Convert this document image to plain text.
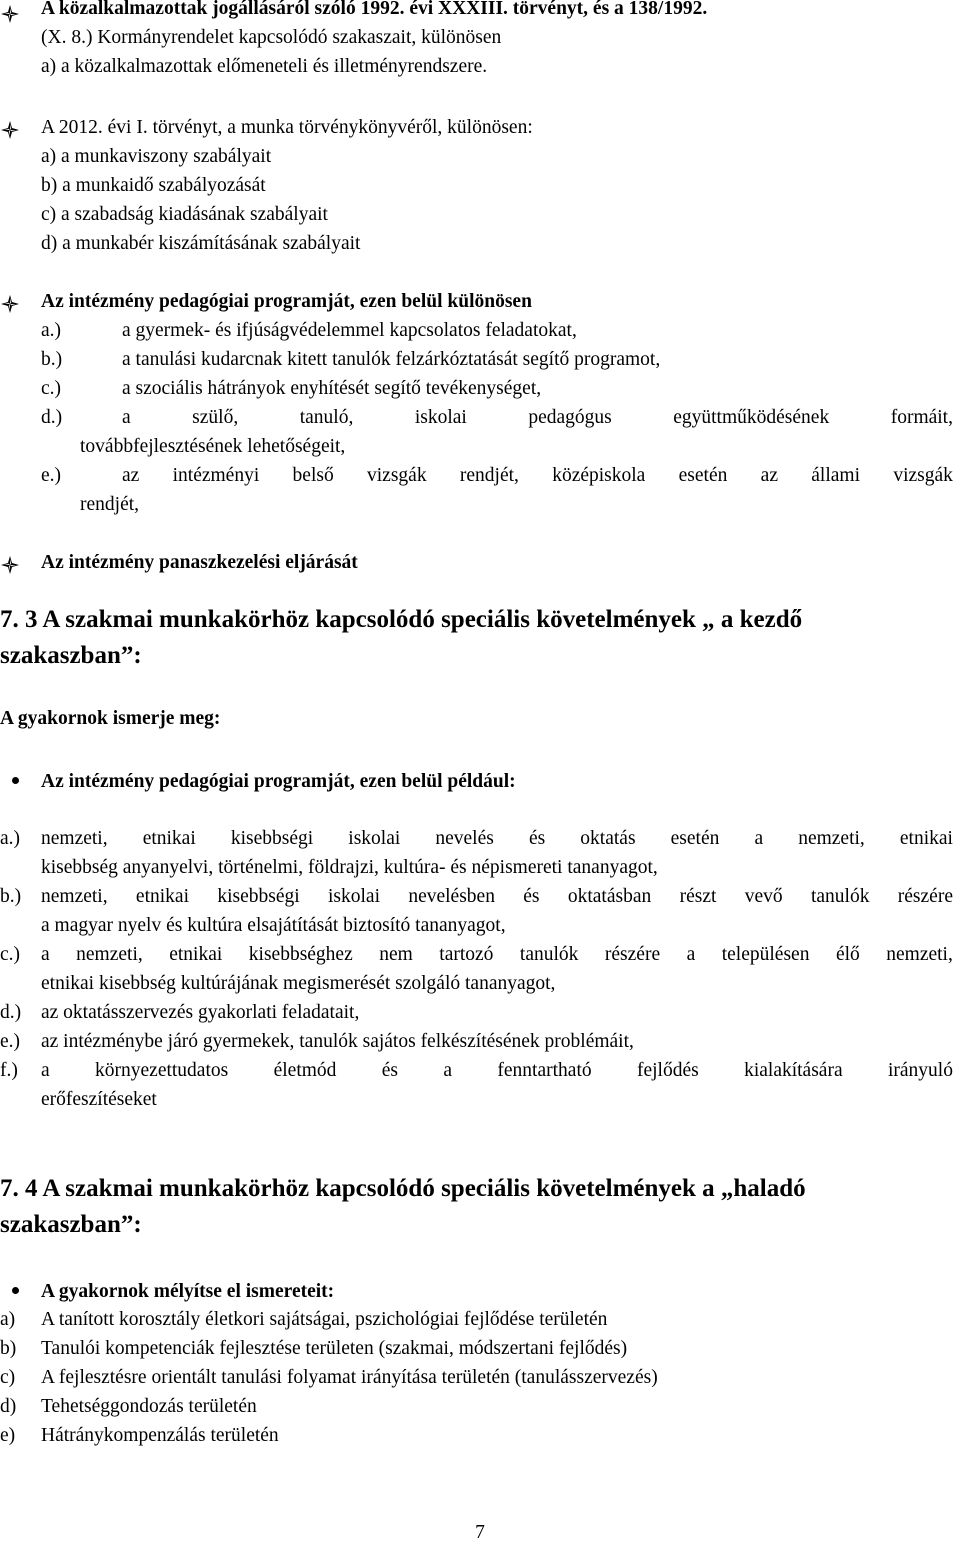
A közalkalmazottak jogállásáról szóló 1992. évi XXXIII. törvényt, és a 138/1992.
(X. 8.) Kormányrendelet kapcsolódó szakaszait, különösen
a) a közalkalmazottak előmeneteli és illetményrendszere.
A 2012. évi I. törvényt, a munka törvénykönyvéről, különösen:
a) a munkaviszony szabályait
b) a munkaidő szabályozását
c) a szabadság kiadásának szabályait
d) a munkabér kiszámításának szabályait
Az intézmény pedagógiai programját, ezen belül különösen
a.)	a gyermek- és ifjúságvédelemmel kapcsolatos feladatokat,
b.)	a tanulási kudarcnak kitett tanulók felzárkóztatását segítő programot,
c.)	a szociális hátrányok enyhítését segítő tevékenységet,
d.)	a	szülő,	tanuló,	iskolai	pedagógus	együttműködésének	formáit,
továbbfejlesztésének lehetőségeit,
e.)	az intézményi belső vizsgák rendjét, középiskola esetén az állami vizsgák
rendjét,
Az intézmény panaszkezelési eljárását
7. 3 A szakmai munkakörhöz kapcsolódó speciális követelmények „ a kezdő
szakaszban”:
A gyakornok ismerje meg:
Az intézmény pedagógiai programját, ezen belül például:
a.) nemzeti, etnikai kisebbségi iskolai nevelés és oktatás esetén a nemzeti, etnikai
kisebbség anyanyelvi, történelmi, földrajzi, kultúra- és népismereti tananyagot,
b.) nemzeti, etnikai kisebbségi iskolai nevelésben és oktatásban részt vevő tanulók részére
a magyar nyelv és kultúra elsajátítását biztosító tananyagot,
c.) a nemzeti, etnikai kisebbséghez nem tartozó tanulók részére a településen élő nemzeti,
etnikai kisebbség kultúrájának megismerését szolgáló tananyagot,
d.) az oktatásszervezés gyakorlati feladatait,
e.) az intézménybe járó gyermekek, tanulók sajátos felkészítésének problémáit,
f.) a környezettudatos életmód és a fenntartható fejlődés kialakítására irányuló
erőfeszítéseket
7. 4 A szakmai munkakörhöz kapcsolódó speciális követelmények a „haladó
szakaszban”:
A gyakornok mélyítse el ismereteit:
a) A tanított korosztály életkori sajátságai, pszichológiai fejlődése területén
b) Tanulói kompetenciák fejlesztése területen (szakmai, módszertani fejlődés)
c) A fejlesztésre orientált tanulási folyamat irányítása területén (tanulásszervezés)
d) Tehetséggondozás területén
e) Hátránykompenzálás területén
7
